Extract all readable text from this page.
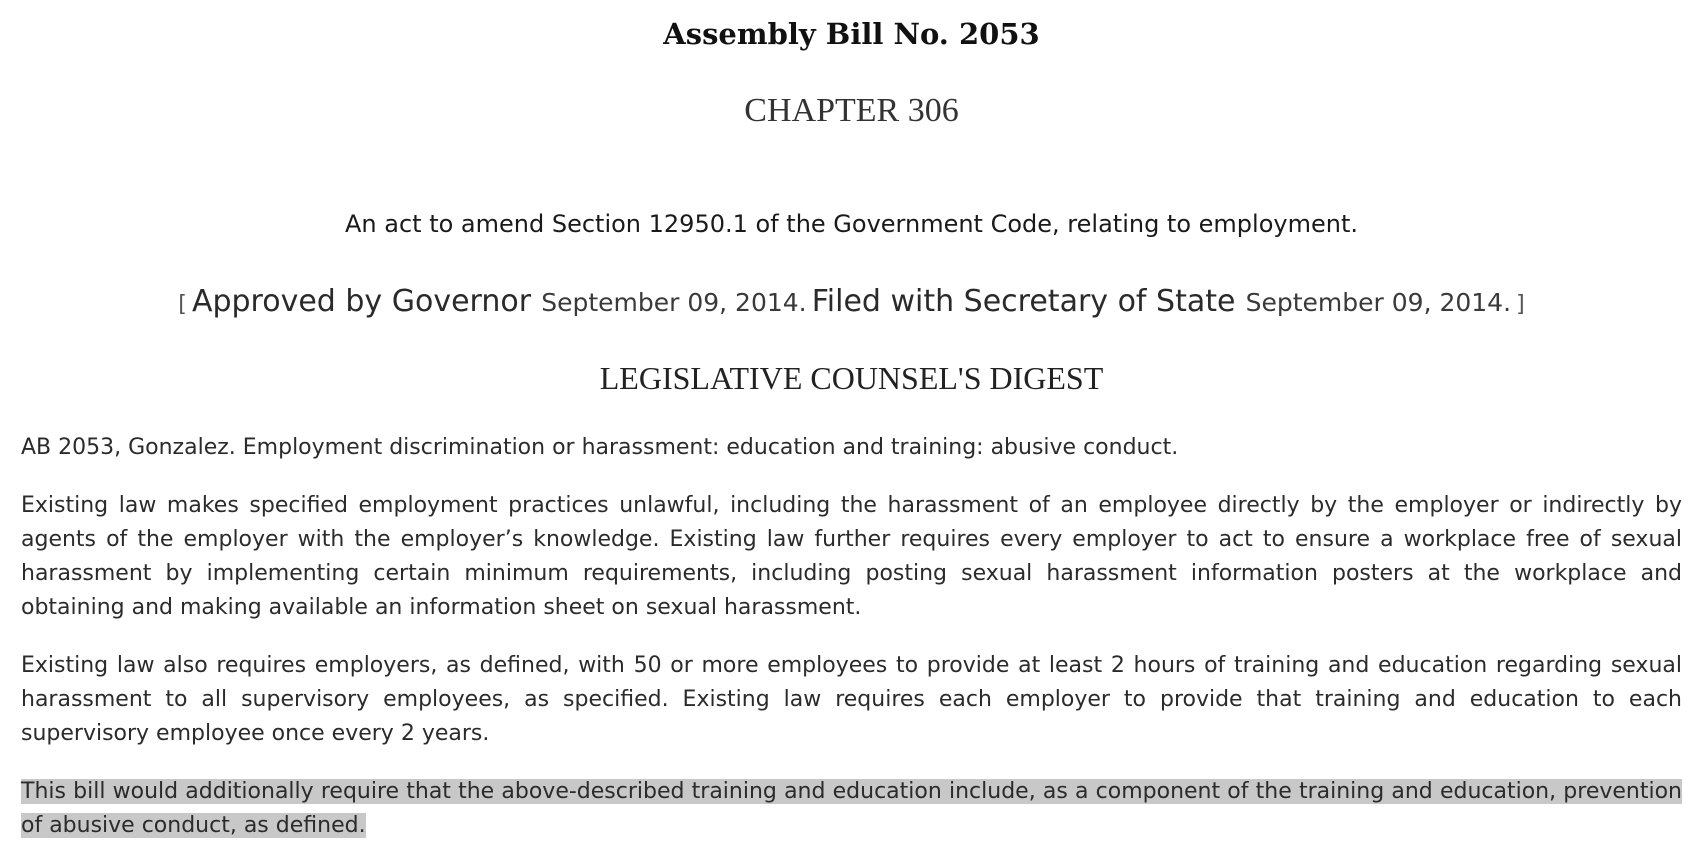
Assembly Bill No. 2053
CHAPTER 306
An act to amend Section 12950.1 of the Government Code, relating to employment.
[ Approved by Governor September 09, 2014. Filed with Secretary of State September 09, 2014. ]
LEGISLATIVE COUNSEL'S DIGEST

AB 2053, Gonzalez. Employment discrimination or harassment: education and training: abusive conduct.

Existing law makes specified employment practices unlawful, including the harassment of an employee directly by the employer or indirectly by agents of the employer with the employer’s knowledge. Existing law further requires every employer to act to ensure a workplace free of sexual harassment by implementing certain minimum requirements, including posting sexual harassment information posters at the workplace and obtaining and making available an information sheet on sexual harassment.

Existing law also requires employers, as defined, with 50 or more employees to provide at least 2 hours of training and education regarding sexual harassment to all supervisory employees, as specified. Existing law requires each employer to provide that training and education to each supervisory employee once every 2 years.

This bill would additionally require that the above-described training and education include, as a component of the training and education, prevention of abusive conduct, as defined.
